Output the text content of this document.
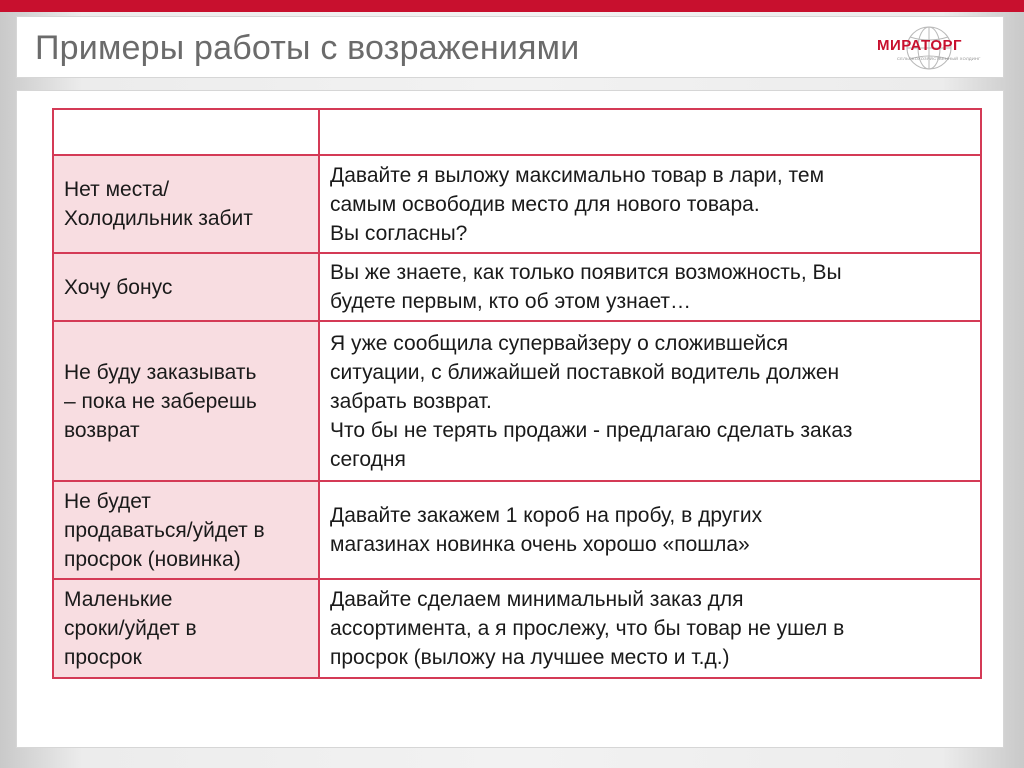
Примеры работы с возражениями	МИРАТОРГ
СЕЛЬСКОХОЗЯЙСТВЕННЫЙ ХОЛДИНГ

Нет места/
Холодильник забит	Давайте я выложу максимально товар в лари, тем
самым освободив место для нового товара.
Вы согласны?
Хочу бонус	Вы же знаете, как только появится возможность, Вы
будете первым, кто об этом узнает…
Не буду заказывать
– пока не заберешь
возврат	Я уже сообщила супервайзеру о сложившейся
ситуации, с ближайшей поставкой водитель должен
забрать возврат.
Что бы не терять продажи - предлагаю сделать заказ
сегодня
Не будет
продаваться/уйдет в
просрок (новинка)	Давайте закажем 1 короб на пробу, в других
магазинах новинка очень хорошо «пошла»
Маленькие
сроки/уйдет в
просрок	Давайте сделаем минимальный заказ для
ассортимента, а я прослежу, что бы товар не ушел в
просрок (выложу на лучшее место и т.д.)
